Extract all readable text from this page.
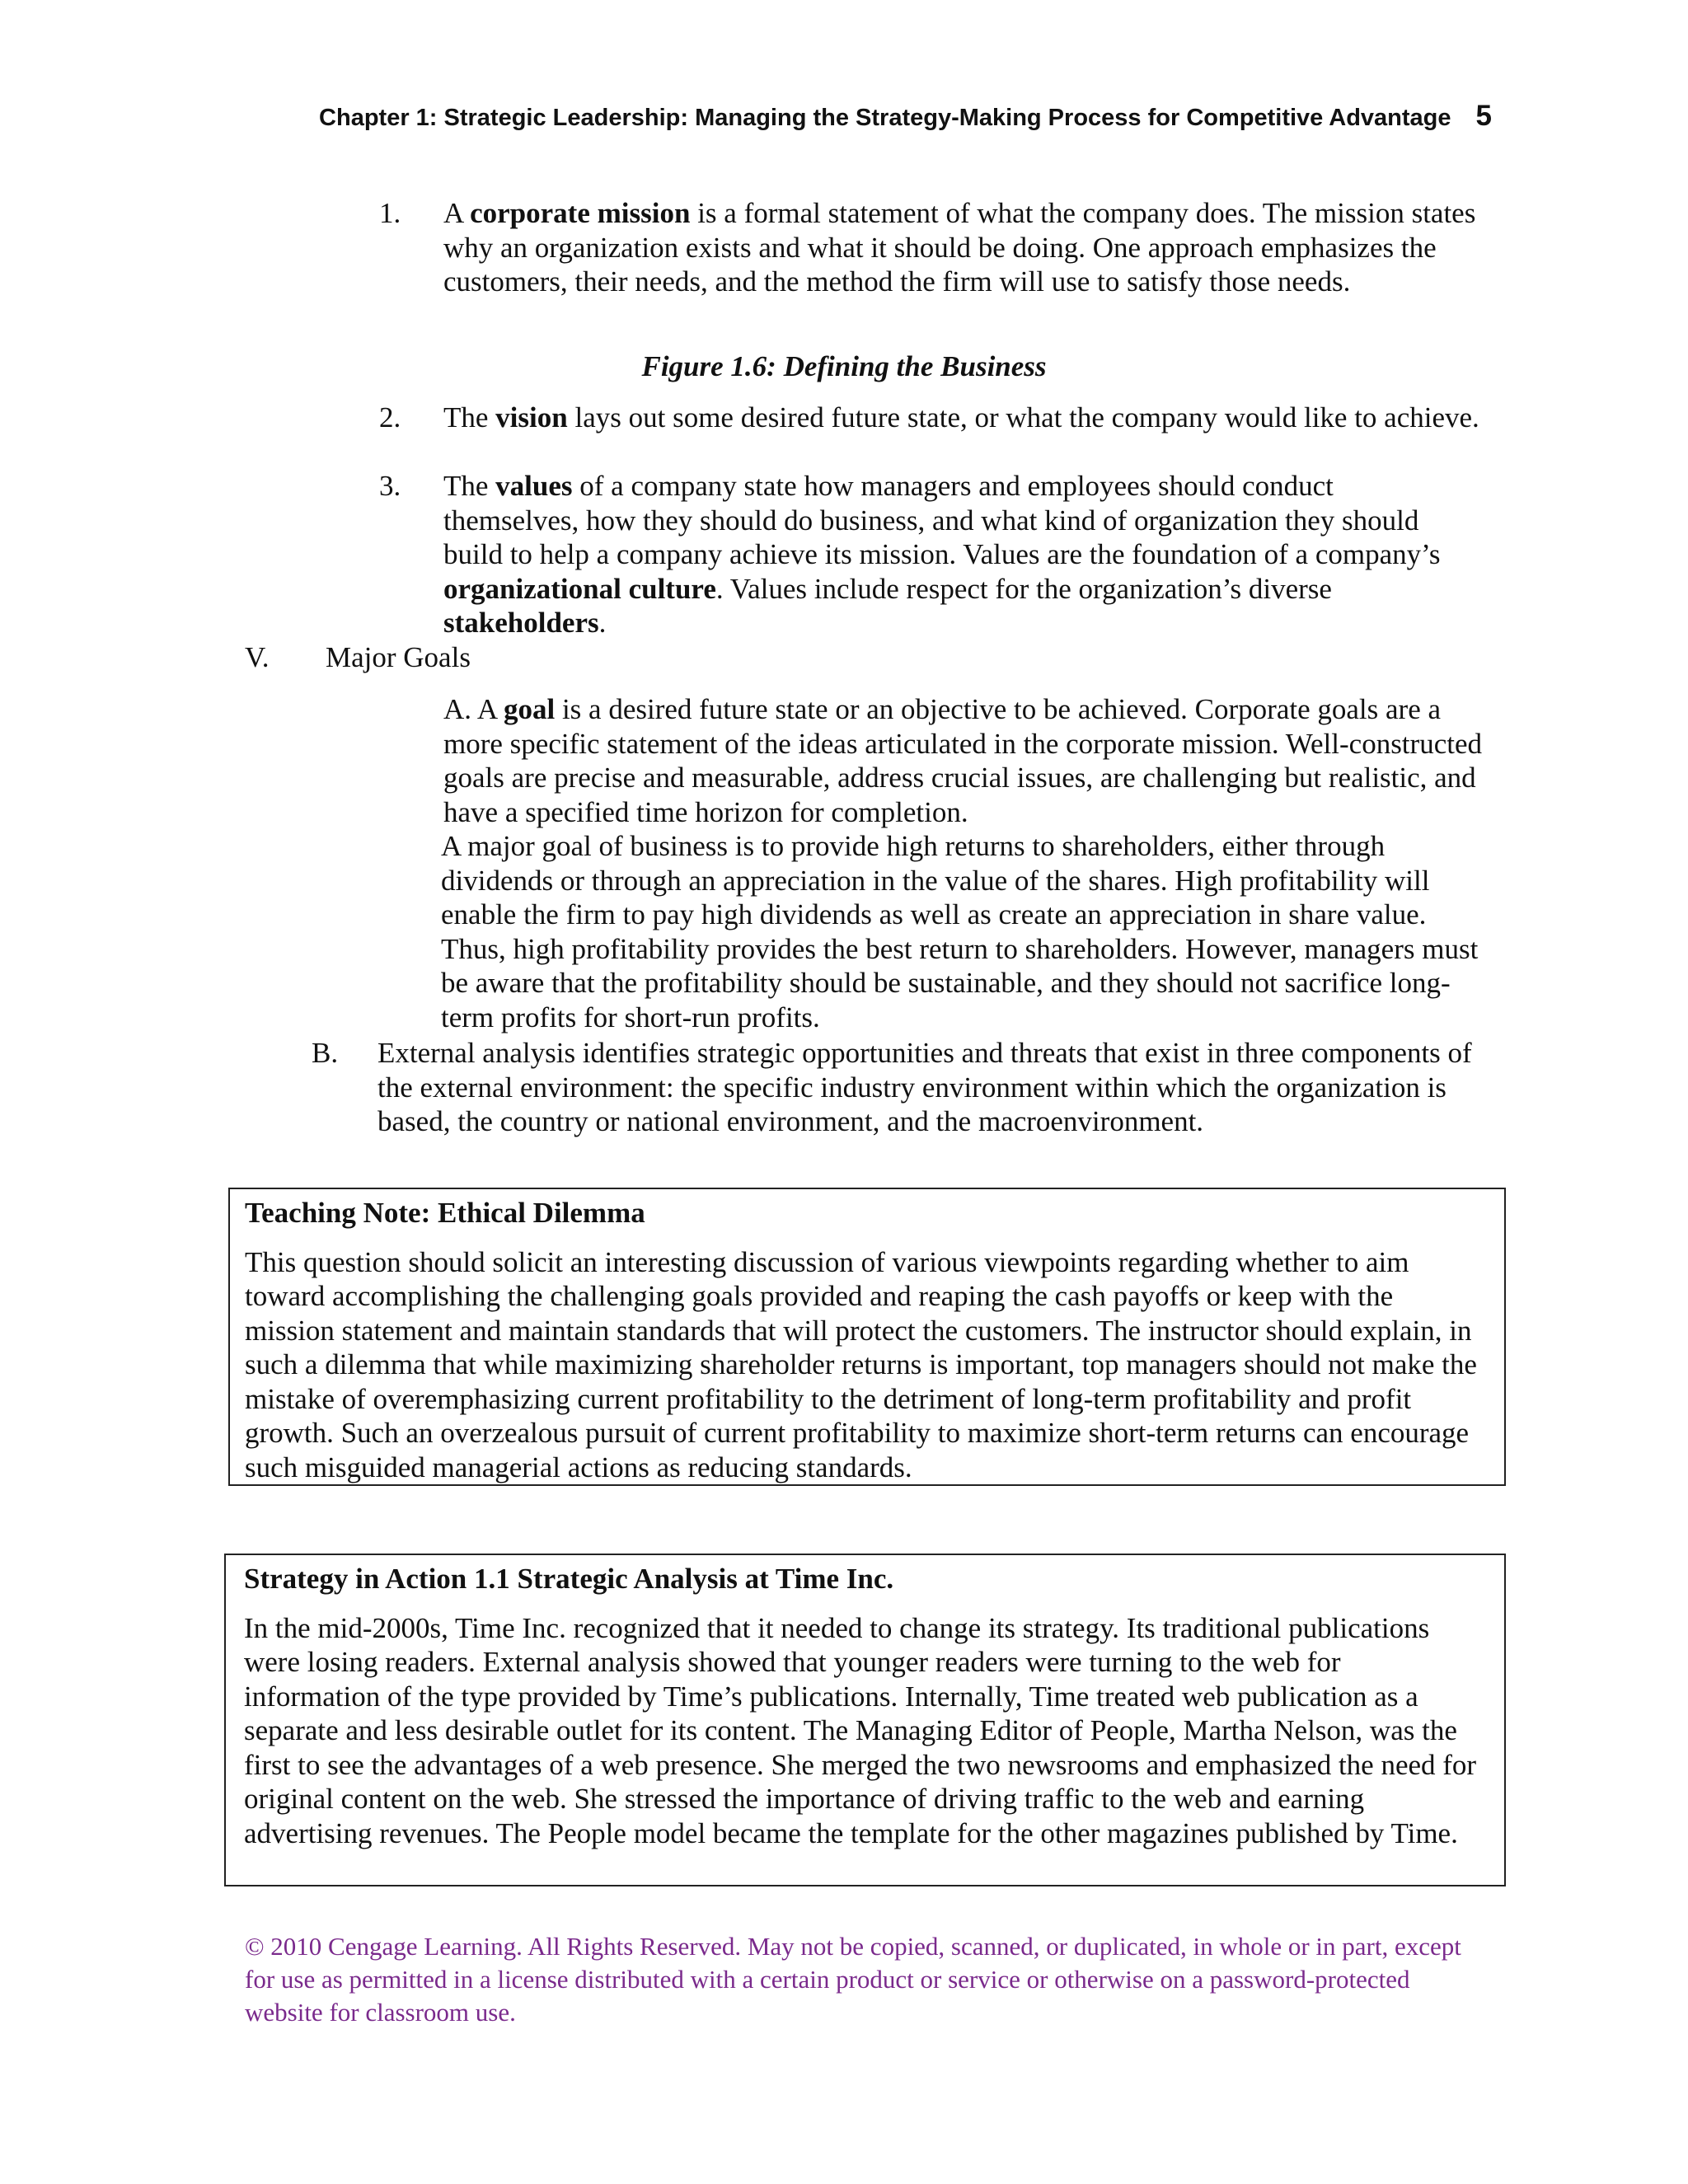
Chapter 1: Strategic Leadership: Managing the Strategy-Making Process for Competitive Advantage 5
1. A corporate mission is a formal statement of what the company does. The mission states why an organization exists and what it should be doing. One approach emphasizes the customers, their needs, and the method the firm will use to satisfy those needs.
Figure 1.6: Defining the Business
2. The vision lays out some desired future state, or what the company would like to achieve.
3. The values of a company state how managers and employees should conduct themselves, how they should do business, and what kind of organization they should build to help a company achieve its mission. Values are the foundation of a company’s organizational culture. Values include respect for the organization’s diverse stakeholders.
V. Major Goals
A. A goal is a desired future state or an objective to be achieved. Corporate goals are a more specific statement of the ideas articulated in the corporate mission. Well-constructed goals are precise and measurable, address crucial issues, are challenging but realistic, and have a specified time horizon for completion.
A major goal of business is to provide high returns to shareholders, either through dividends or through an appreciation in the value of the shares. High profitability will enable the firm to pay high dividends as well as create an appreciation in share value. Thus, high profitability provides the best return to shareholders. However, managers must be aware that the profitability should be sustainable, and they should not sacrifice long-term profits for short-run profits.
B. External analysis identifies strategic opportunities and threats that exist in three components of the external environment: the specific industry environment within which the organization is based, the country or national environment, and the macroenvironment.
Teaching Note: Ethical Dilemma
This question should solicit an interesting discussion of various viewpoints regarding whether to aim toward accomplishing the challenging goals provided and reaping the cash payoffs or keep with the mission statement and maintain standards that will protect the customers. The instructor should explain, in such a dilemma that while maximizing shareholder returns is important, top managers should not make the mistake of overemphasizing current profitability to the detriment of long-term profitability and profit growth. Such an overzealous pursuit of current profitability to maximize short-term returns can encourage such misguided managerial actions as reducing standards.
Strategy in Action 1.1 Strategic Analysis at Time Inc.
In the mid-2000s, Time Inc. recognized that it needed to change its strategy. Its traditional publications were losing readers. External analysis showed that younger readers were turning to the web for information of the type provided by Time’s publications. Internally, Time treated web publication as a separate and less desirable outlet for its content. The Managing Editor of People, Martha Nelson, was the first to see the advantages of a web presence. She merged the two newsrooms and emphasized the need for original content on the web. She stressed the importance of driving traffic to the web and earning advertising revenues. The People model became the template for the other magazines published by Time.
© 2010 Cengage Learning. All Rights Reserved. May not be copied, scanned, or duplicated, in whole or in part, except for use as permitted in a license distributed with a certain product or service or otherwise on a password-protected website for classroom use.
